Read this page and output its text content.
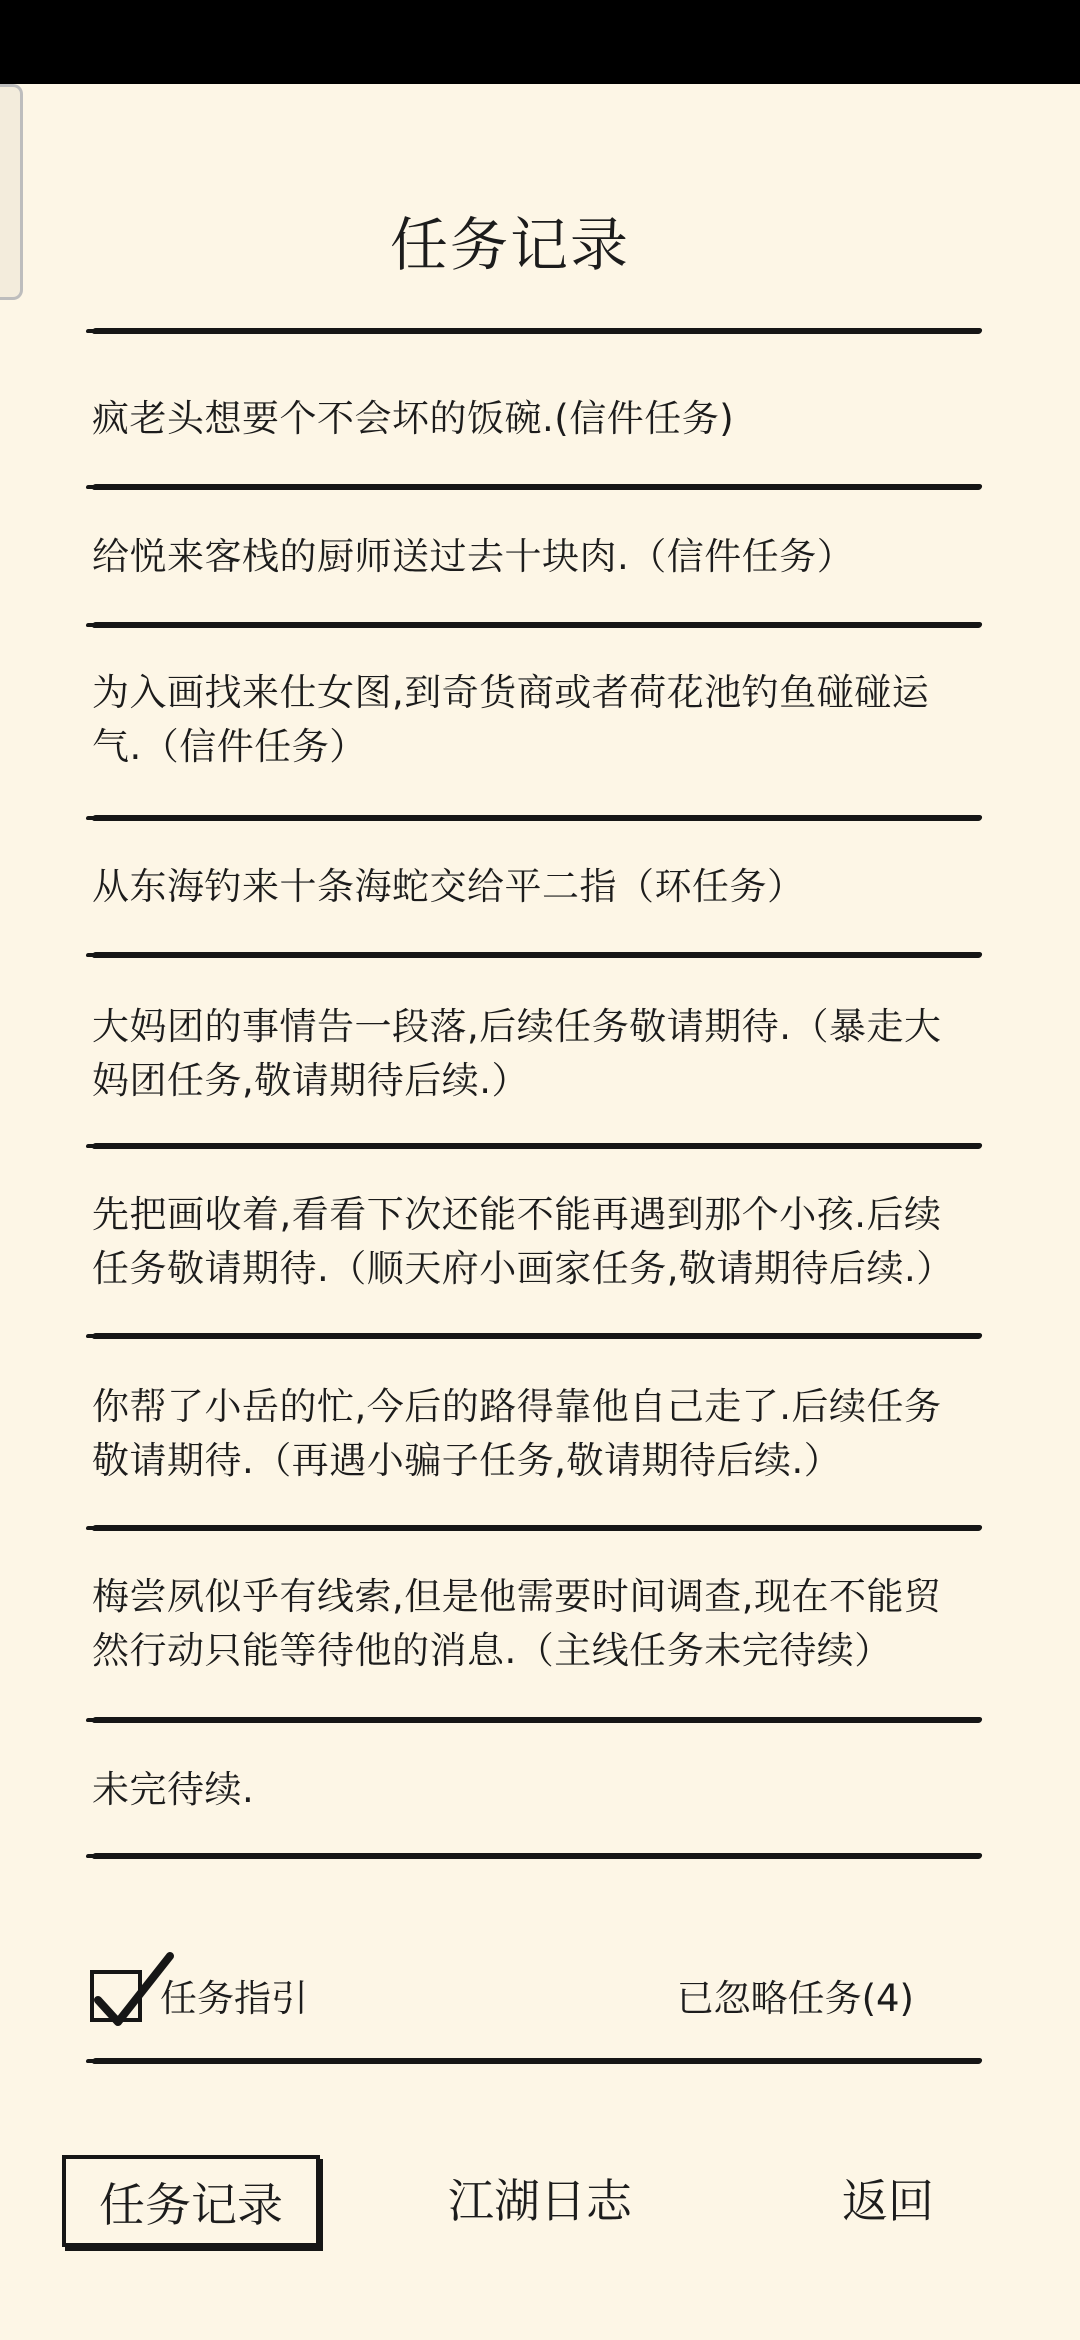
任务记录
疯老头想要个不会坏的饭碗.(信件任务)
给悦来客栈的厨师送过去十块肉.（信件任务）
为入画找来仕女图,到奇货商或者荷花池钓鱼碰碰运气.（信件任务）
从东海钓来十条海蛇交给平二指（环任务）
大妈团的事情告一段落,后续任务敬请期待.（暴走大妈团任务,敬请期待后续.）
先把画收着,看看下次还能不能再遇到那个小孩.后续任务敬请期待.（顺天府小画家任务,敬请期待后续.）
你帮了小岳的忙,今后的路得靠他自己走了.后续任务敬请期待.（再遇小骗子任务,敬请期待后续.）
梅尝夙似乎有线索,但是他需要时间调查,现在不能贸然行动只能等待他的消息.（主线任务未完待续）
未完待续.
任务指引	已忽略任务(4)
任务记录	江湖日志	返回
